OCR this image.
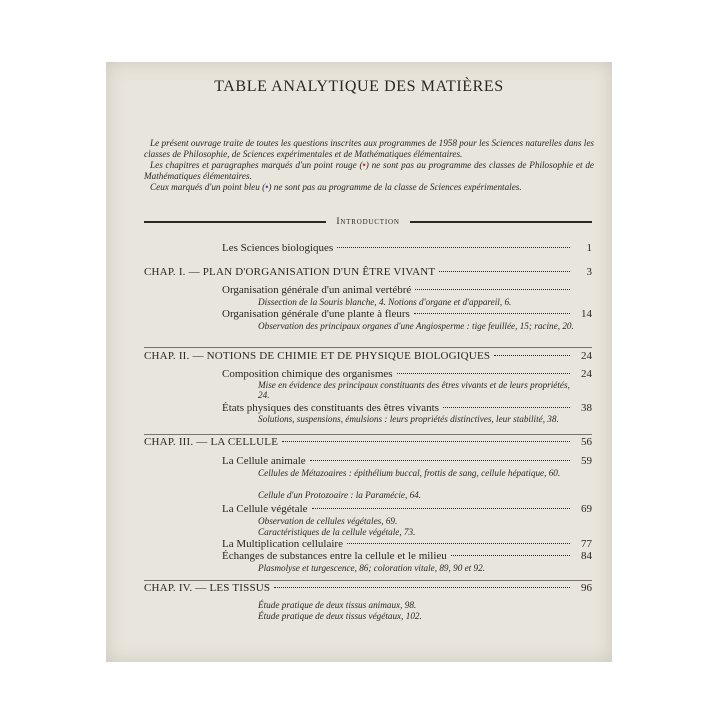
TABLE ANALYTIQUE DES MATIÈRES

Le présent ouvrage traite de toutes les questions inscrites aux programmes de 1958 pour les Sciences naturelles dans les classes de Philosophie, de Sciences expérimentales et de Mathématiques élémentaires.

Les chapitres et paragraphes marqués d'un point rouge (•) ne sont pas au programme des classes de Philosophie et de Mathématiques élémentaires.

Ceux marqués d'un point bleu (•) ne sont pas au programme de la classe de Sciences expérimentales.

Introduction
Les Sciences biologiques	1
CHAP. I. — PLAN D'ORGANISATION D'UN ÊTRE VIVANT	3
Organisation générale d'un animal vertébré
Dissection de la Souris blanche, 4. Notions d'organe et d'appareil, 6.
Organisation générale d'une plante à fleurs	14
Observation des principaux organes d'une Angiosperme : tige feuillée, 15; racine, 20.
CHAP. II. — NOTIONS DE CHIMIE ET DE PHYSIQUE BIOLOGIQUES	24
Composition chimique des organismes	24
Mise en évidence des principaux constituants des êtres vivants et de leurs propriétés, 24.
États physiques des constituants des êtres vivants	38
Solutions, suspensions, émulsions : leurs propriétés distinctives, leur stabilité, 38.
CHAP. III. — LA CELLULE	56
La Cellule animale	59
Cellules de Métazoaires : épithélium buccal, frottis de sang, cellule hépatique, 60.
Cellule d'un Protozoaire : la Paramécie, 64.
La Cellule végétale	69
Observation de cellules végétales, 69.
Caractéristiques de la cellule végétale, 73.
La Multiplication cellulaire	77
Échanges de substances entre la cellule et le milieu	84
Plasmolyse et turgescence, 86; coloration vitale, 89, 90 et 92.
CHAP. IV. — LES TISSUS	96
Étude pratique de deux tissus animaux, 98.
Étude pratique de deux tissus végétaux, 102.
